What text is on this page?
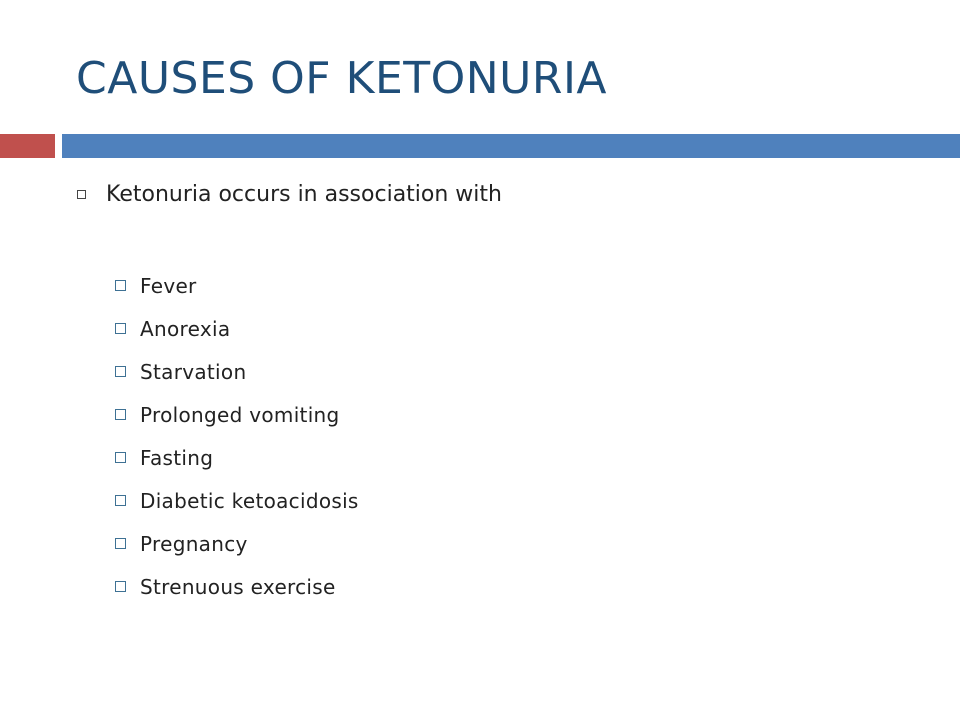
CAUSES OF KETONURIA
Ketonuria occurs in association with
Fever
Anorexia
Starvation
Prolonged vomiting
Fasting
Diabetic ketoacidosis
Pregnancy
Strenuous exercise
